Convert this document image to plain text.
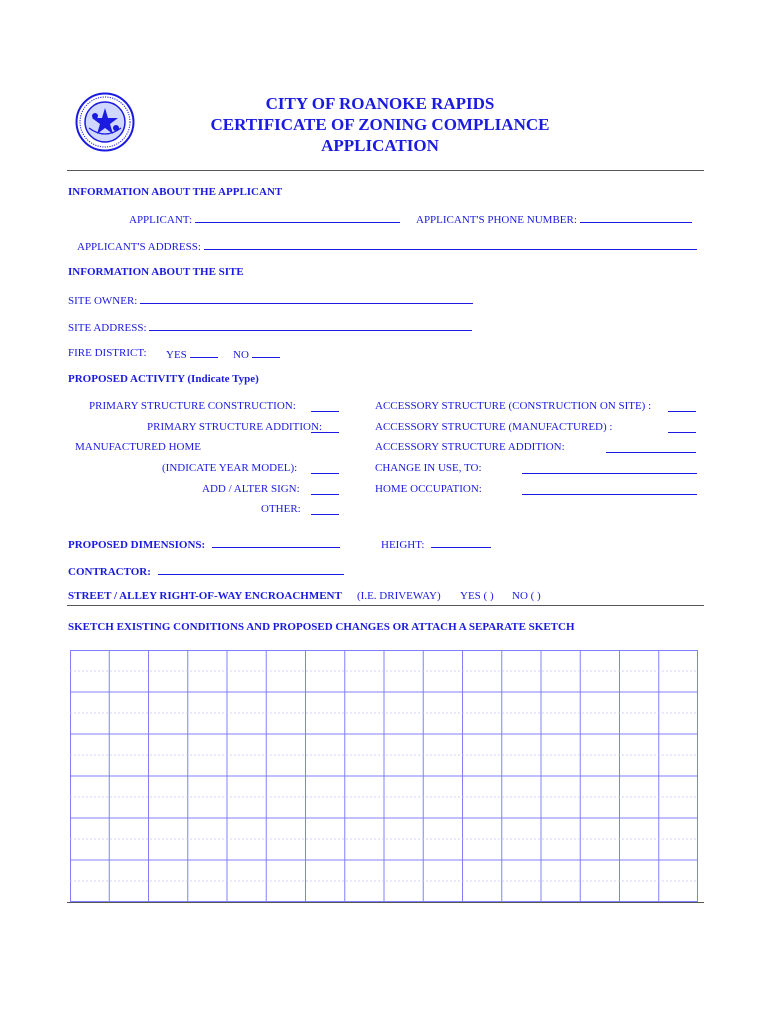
CITY OF ROANOKE RAPIDS
CERTIFICATE OF ZONING COMPLIANCE
APPLICATION
INFORMATION ABOUT THE APPLICANT
APPLICANT:	APPLICANT'S PHONE NUMBER:
APPLICANT'S ADDRESS:
INFORMATION ABOUT THE SITE
SITE OWNER:
SITE ADDRESS:
FIRE DISTRICT: YES	NO
PROPOSED ACTIVITY (Indicate Type)
PRIMARY STRUCTURE CONSTRUCTION:
PRIMARY STRUCTURE ADDITION:
MANUFACTURED HOME
(INDICATE YEAR MODEL):
ADD / ALTER SIGN:
OTHER:
ACCESSORY STRUCTURE (CONSTRUCTION ON SITE) :
ACCESSORY STRUCTURE (MANUFACTURED) :
ACCESSORY STRUCTURE ADDITION:
CHANGE IN USE, TO:
HOME OCCUPATION:
PROPOSED DIMENSIONS:	HEIGHT:
CONTRACTOR:
STREET / ALLEY RIGHT-OF-WAY ENCROACHMENT (I.E. DRIVEWAY) YES ( ) NO ( )
SKETCH EXISTING CONDITIONS AND PROPOSED CHANGES OR ATTACH A SEPARATE SKETCH
